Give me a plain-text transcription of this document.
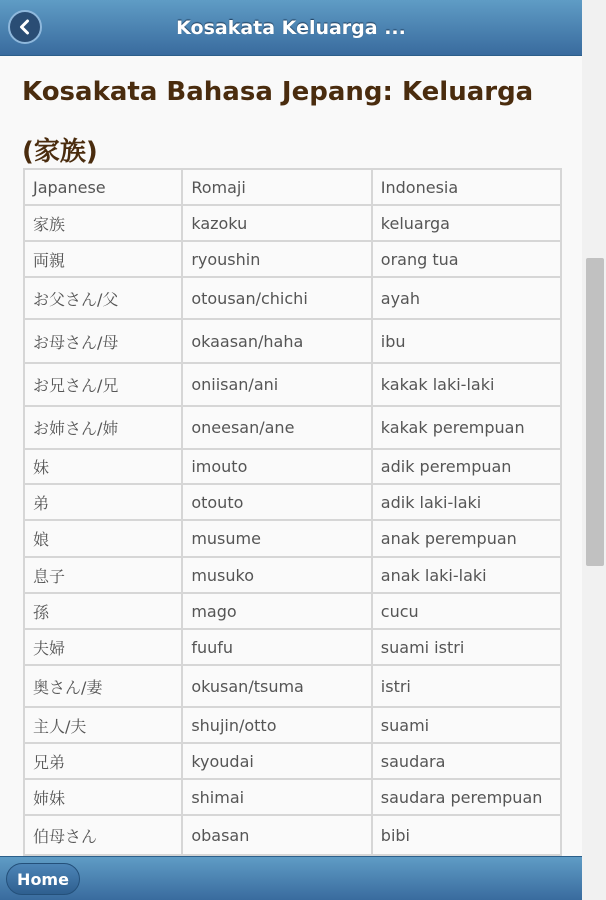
Kosakata Keluarga ...
Kosakata Bahasa Jepang: Keluarga (家族)
Japanese	Romaji	Indonesia
家族	kazoku	keluarga
両親	ryoushin	orang tua
お父さん/父	otousan/chichi	ayah
お母さん/母	okaasan/haha	ibu
お兄さん/兄	oniisan/ani	kakak laki-laki
お姉さん/姉	oneesan/ane	kakak perempuan
妹	imouto	adik perempuan
弟	otouto	adik laki-laki
娘	musume	anak perempuan
息子	musuko	anak laki-laki
孫	mago	cucu
夫婦	fuufu	suami istri
奥さん/妻	okusan/tsuma	istri
主人/夫	shujin/otto	suami
兄弟	kyoudai	saudara
姉妹	shimai	saudara perempuan
伯母さん	obasan	bibi
Home
